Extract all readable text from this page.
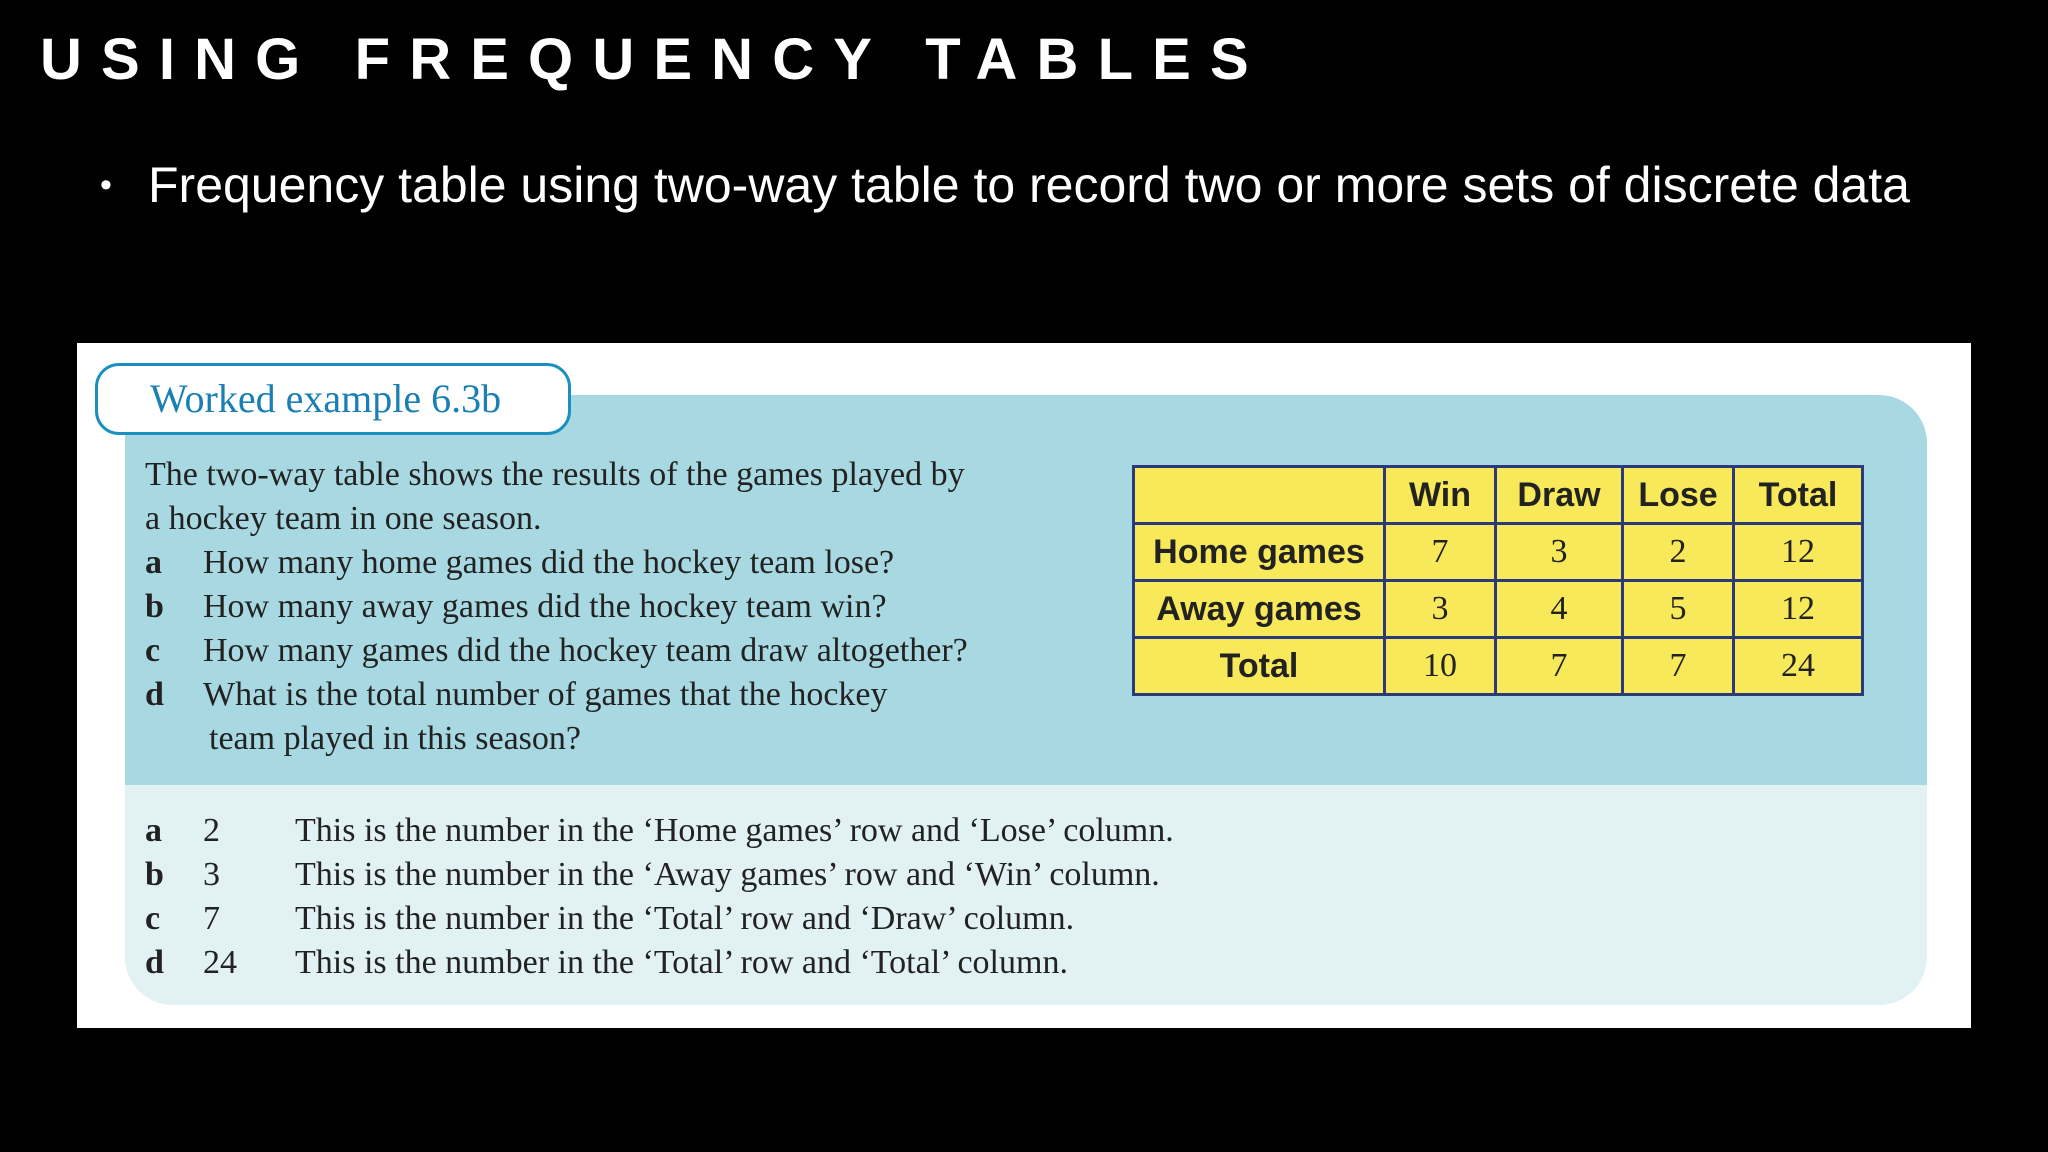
USING FREQUENCY TABLES
• Frequency table using two-way table to record two or more sets of discrete data
Worked example 6.3b
The two-way table shows the results of the games played by
a hockey team in one season.
a How many home games did the hockey team lose?
b How many away games did the hockey team win?
c How many games did the hockey team draw altogether?
d What is the total number of games that the hockey
team played in this season?
	Win	Draw	Lose	Total
Home games	7	3	2	12
Away games	3	4	5	12
Total	10	7	7	24
a 2 This is the number in the ‘Home games’ row and ‘Lose’ column.
b 3 This is the number in the ‘Away games’ row and ‘Win’ column.
c 7 This is the number in the ‘Total’ row and ‘Draw’ column.
d 24 This is the number in the ‘Total’ row and ‘Total’ column.
